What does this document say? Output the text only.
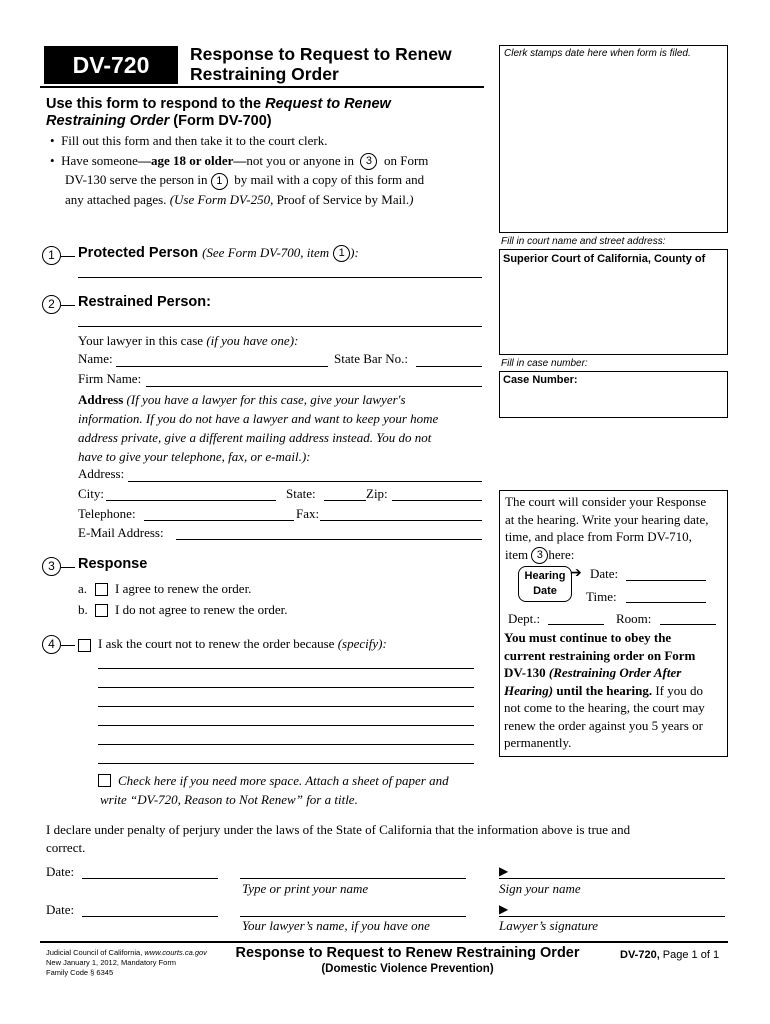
DV-720	Response to Request to Renew
Restraining Order
Clerk stamps date here when form is filed.
Fill in court name and street address:
Superior Court of California, County of
Fill in case number:
Case Number:
Use this form to respond to the Request to Renew
Restraining Order (Form DV-700)
•  Fill out this form and then take it to the court clerk.
•  Have someone—age 18 or older—not you or anyone in 3 on Form
DV-130 serve the person in 1 by mail with a copy of this form and
any attached pages. (Use Form DV-250, Proof of Service by Mail.)
1	Protected Person (See Form DV-700, item 1 ):
2	Restrained Person:
Your lawyer in this case (if you have one):
Name:	State Bar No.:
Firm Name:
Address (If you have a lawyer for this case, give your lawyer's
information. If you do not have a lawyer and want to keep your home
address private, give a different mailing address instead. You do not
have to give your telephone, fax, or e-mail.):
Address:
City:	State:	Zip:
Telephone:	Fax:
E-Mail Address:
3	Response
a. I agree to renew the order.
b. I do not agree to renew the order.
4	I ask the court not to renew the order because (specify):
Check here if you need more space. Attach a sheet of paper and
write “DV-720, Reason to Not Renew” for a title.
The court will consider your Response
at the hearing. Write your hearing date,
time, and place from Form DV-710,
item 3 here:
Hearing
Date
➔ Date:
Time:
Dept.:	Room:
You must continue to obey the
current restraining order on Form
DV-130 (Restraining Order After
Hearing) until the hearing. If you do
not come to the hearing, the court may
renew the order against you 5 years or
permanently.
I declare under penalty of perjury under the laws of the State of California that the information above is true and
correct.
Date:
Type or print your name
▶
Sign your name
Date:
Your lawyer’s name, if you have one
▶
Lawyer’s signature
Judicial Council of California, www.courts.ca.gov
New January 1, 2012, Mandatory Form
Family Code § 6345
Response to Request to Renew Restraining Order
(Domestic Violence Prevention)
DV-720, Page 1 of 1
